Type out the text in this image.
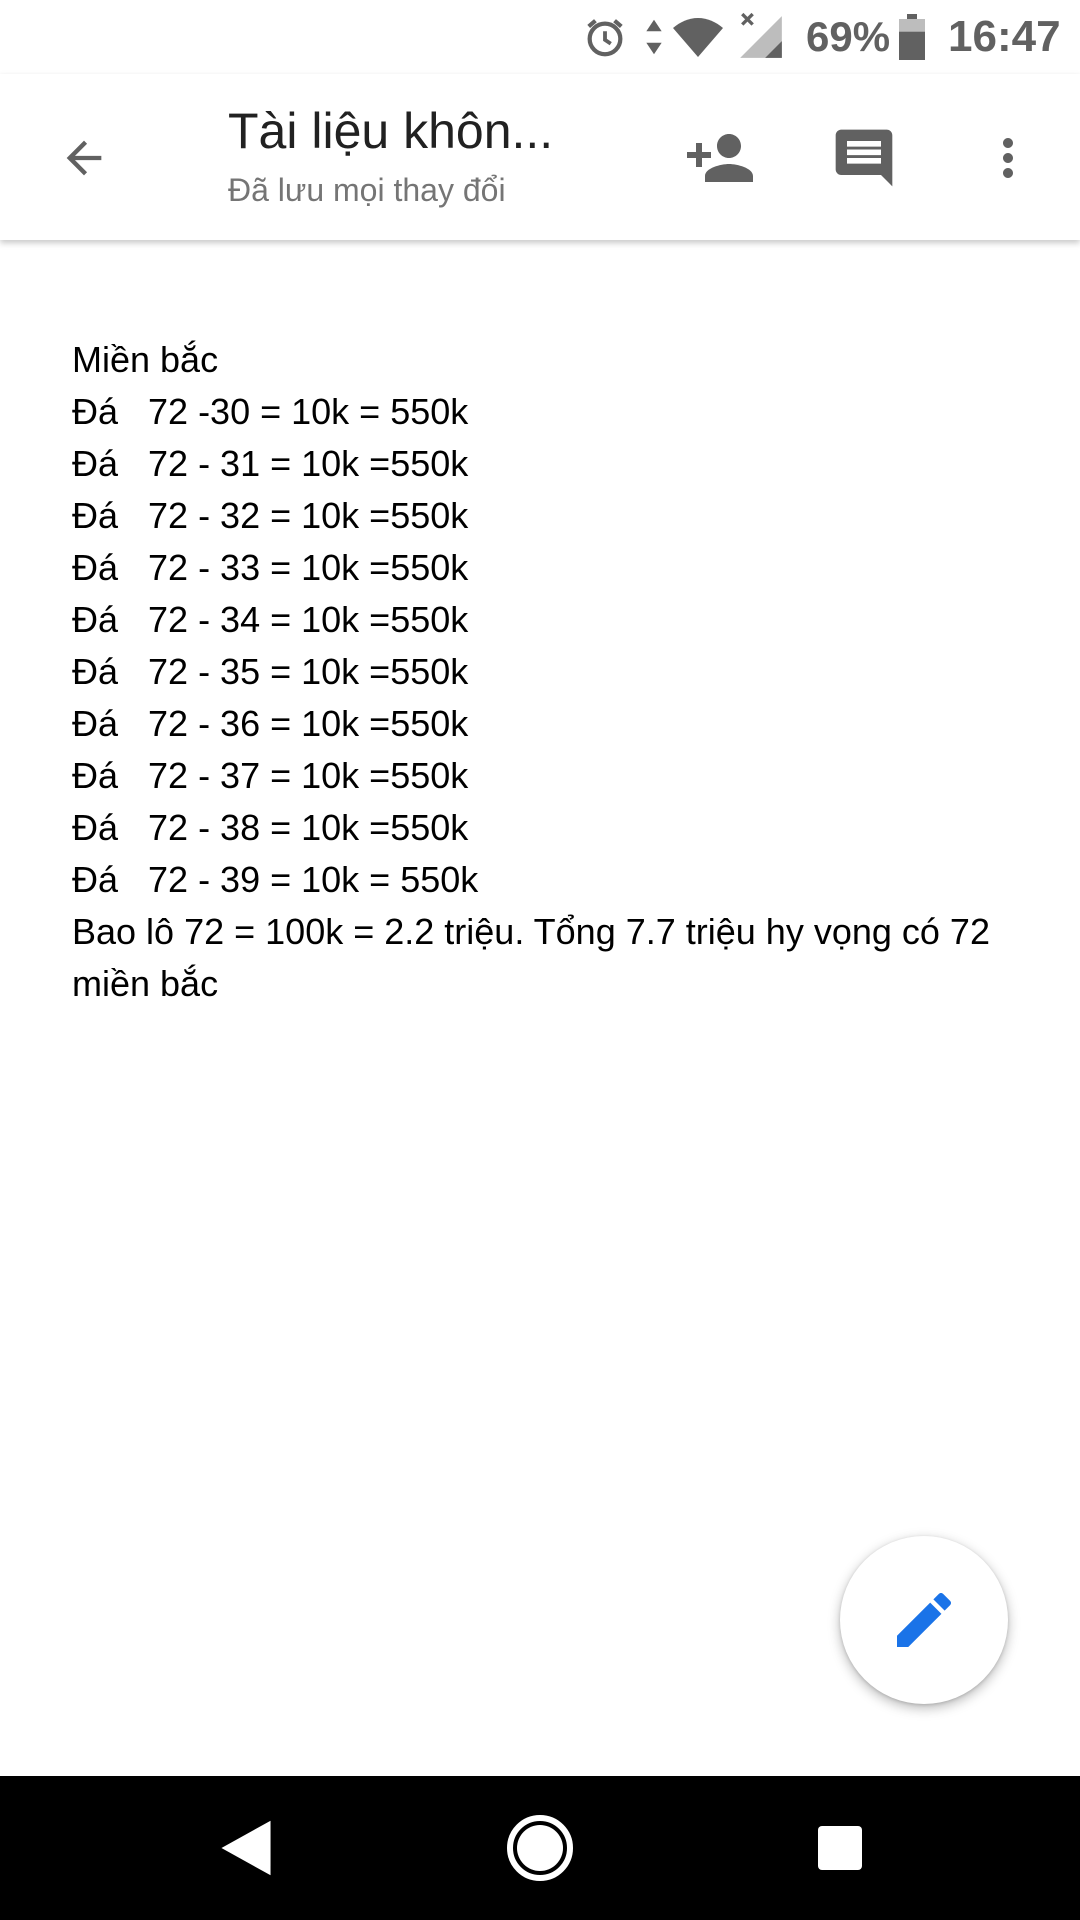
69% 16:47
Tài liệu khôn...
Đã lưu mọi thay đổi

Miền bắc

Đá   72 -30 = 10k = 550k

Đá   72 - 31 = 10k =550k

Đá   72 - 32 = 10k =550k

Đá   72 - 33 = 10k =550k

Đá   72 - 34 = 10k =550k

Đá   72 - 35 = 10k =550k

Đá   72 - 36 = 10k =550k

Đá   72 - 37 = 10k =550k

Đá   72 - 38 = 10k =550k

Đá   72 - 39 = 10k = 550k

Bao lô 72 = 100k = 2.2 triệu. Tổng 7.7 triệu hy vọng có 72 miền bắc
